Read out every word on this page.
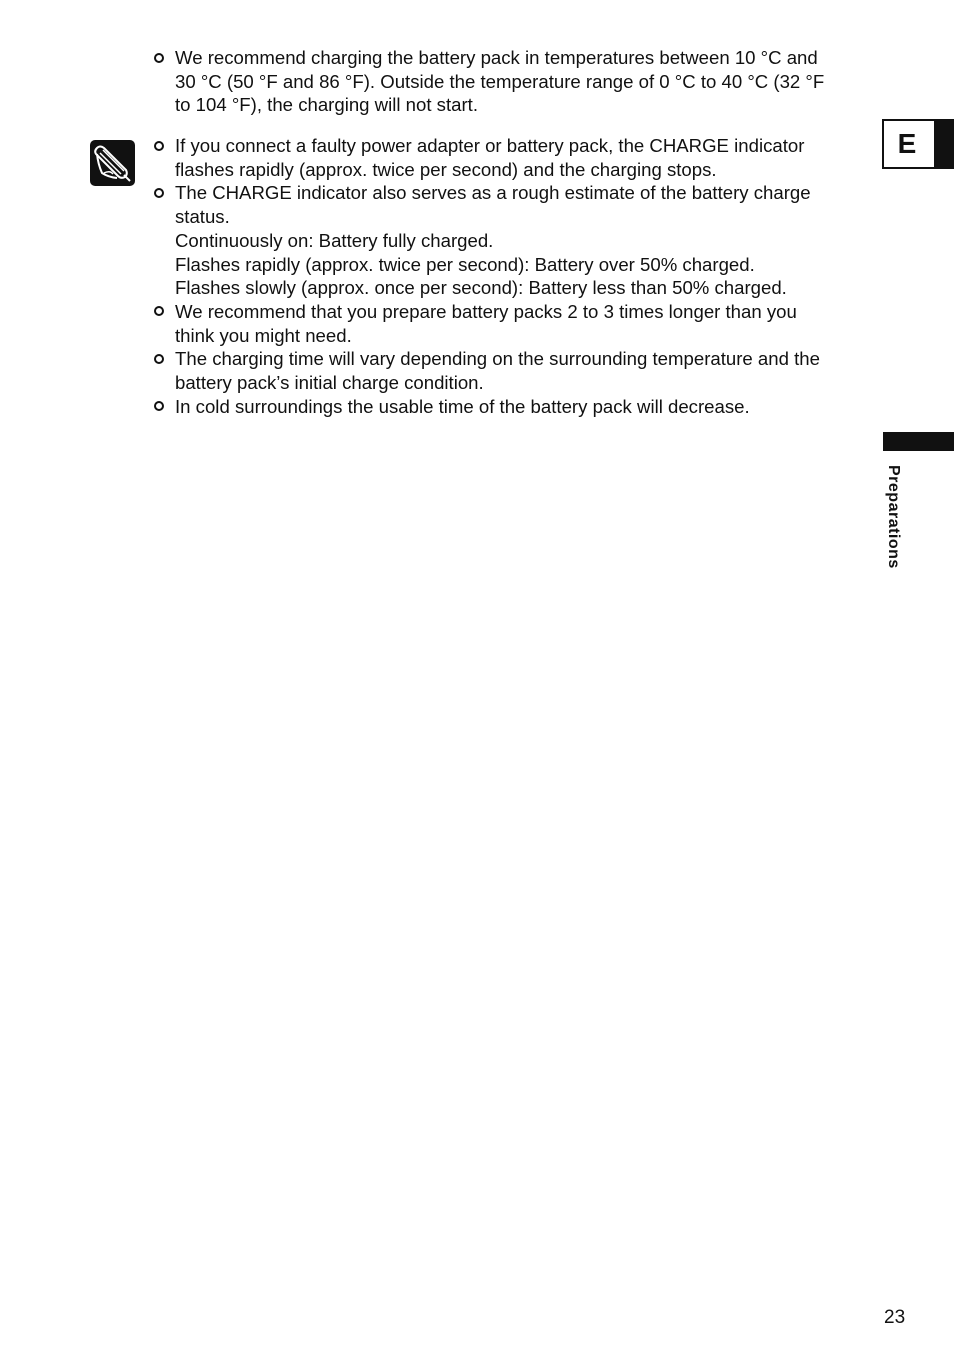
We recommend charging the battery pack in temperatures between 10 °C and
30 °C (50 °F and 86 °F). Outside the temperature range of 0 °C to 40 °C (32 °F
to 104 °F), the charging will not start.
If you connect a faulty power adapter or battery pack, the CHARGE indicator
flashes rapidly (approx. twice per second) and the charging stops.
The CHARGE indicator also serves as a rough estimate of the battery charge
status.
Continuously on: Battery fully charged.
Flashes rapidly (approx. twice per second): Battery over 50% charged.
Flashes slowly (approx. once per second): Battery less than 50% charged.
We recommend that you prepare battery packs 2 to 3 times longer than you
think you might need.
The charging time will vary depending on the surrounding temperature and the
battery pack’s initial charge condition.
In cold surroundings the usable time of the battery pack will decrease.
E
Preparations
23
